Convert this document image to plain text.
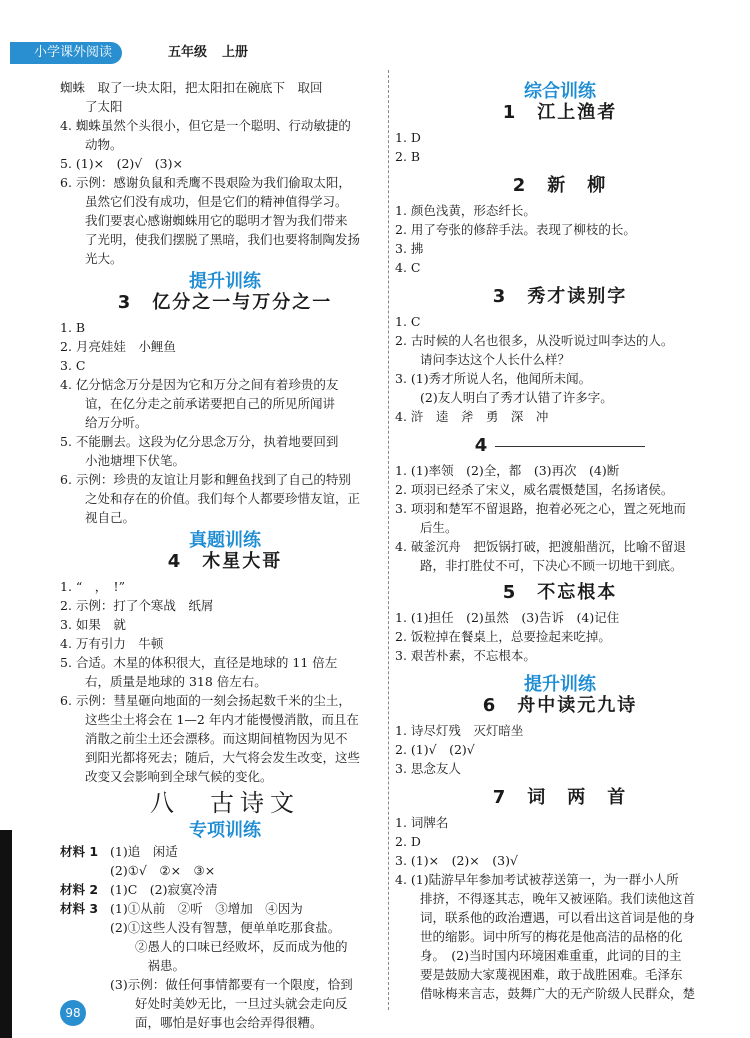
小学课外阅读	五年级 上册
蜘蛛　取了一块太阳，把太阳扣在碗底下　取回
　　了太阳
4. 蜘蛛虽然个头很小，但它是一个聪明、行动敏捷的
　　动物。
5. (1)×　(2)√　(3)×
6. 示例：感谢负鼠和秃鹰不畏艰险为我们偷取太阳，
　　虽然它们没有成功，但是它们的精神值得学习。
　　我们要衷心感谢蜘蛛用它的聪明才智为我们带来
　　了光明，使我们摆脱了黑暗，我们也要将制陶发扬
　　光大。
提升训练
3　亿分之一与万分之一
1. B
2. 月亮娃娃　小鲤鱼
3. C
4. 亿分惦念万分是因为它和万分之间有着珍贵的友
　　谊，在亿分走之前承诺要把自己的所见所闻讲
　　给万分听。
5. 不能删去。这段为亿分思念万分，执着地要回到
　　小池塘埋下伏笔。
6. 示例：珍贵的友谊让月影和鲤鱼找到了自己的特别
　　之处和存在的价值。我们每个人都要珍惜友谊，正
　　视自己。
真题训练
4　木星大哥
1. “　，　!”
2. 示例：打了个寒战　纸屑
3. 如果　就
4. 万有引力　牛顿
5. 合适。木星的体积很大，直径是地球的 11 倍左
　　右，质量是地球的 318 倍左右。
6. 示例：彗星砸向地面的一刻会扬起数千米的尘土，
　　这些尘土将会在 1—2 年内才能慢慢消散，而且在
　　消散之前尘土还会漂移。而这期间植物因为见不
　　到阳光都将死去；随后，大气将会发生改变，这些
　　改变又会影响到全球气候的变化。
八　古诗文
专项训练
材料 1 (1)追　闲适
(2)①√　②×　③×
材料 2 (1)C　(2)寂寞冷清
材料 3 (1)①从前　②听　③增加　④因为
(2)①这些人没有智慧，便单单吃那食盐。
　　②愚人的口味已经败坏，反而成为他的
　　　祸患。
(3)示例：做任何事情都要有一个限度，恰到
　　好处时美妙无比，一旦过头就会走向反
　　面，哪怕是好事也会给弄得很糟。
综合训练
1　江上渔者
1. D
2. B
2　新　柳
1. 颜色浅黄，形态纤长。
2. 用了夸张的修辞手法。表现了柳枝的长。
3. 拂
4. C
3　秀才读别字
1. C
2. 古时候的人名也很多，从没听说过叫李达的人。
　　请问李达这个人长什么样？
3. (1)秀才所说人名，他闻所未闻。
　　(2)友人明白了秀才认错了许多字。
4. 浒　逵　斧　勇　深　冲
4
1. (1)率领　(2)全，都　(3)再次　(4)断
2. 项羽已经杀了宋义，威名震慑楚国，名扬诸侯。
3. 项羽和楚军不留退路，抱着必死之心，置之死地而
　　后生。
4. 破釜沉舟　把饭锅打破，把渡船凿沉，比喻不留退
　　路，非打胜仗不可，下决心不顾一切地干到底。
5　不忘根本
1. (1)担任　(2)虽然　(3)告诉　(4)记住
2. 饭粒掉在餐桌上，总要捡起来吃掉。
3. 艰苦朴素，不忘根本。
提升训练
6　舟中读元九诗
1. 诗尽灯残　灭灯暗坐
2. (1)√　(2)√
3. 思念友人
7　词　两　首
1. 词牌名
2. D
3. (1)×　(2)×　(3)√
4. (1)陆游早年参加考试被荐送第一，为一群小人所
　　排挤，不得逐其志，晚年又被诬陷。我们读他这首
　　词，联系他的政治遭遇，可以看出这首词是他的身
　　世的缩影。词中所写的梅花是他高洁的品格的化
　　身。　(2)当时国内环境困难重重，此词的目的主
　　要是鼓励大家蔑视困难，敢于战胜困难。毛泽东
　　借咏梅来言志，鼓舞广大的无产阶级人民群众，楚
98
